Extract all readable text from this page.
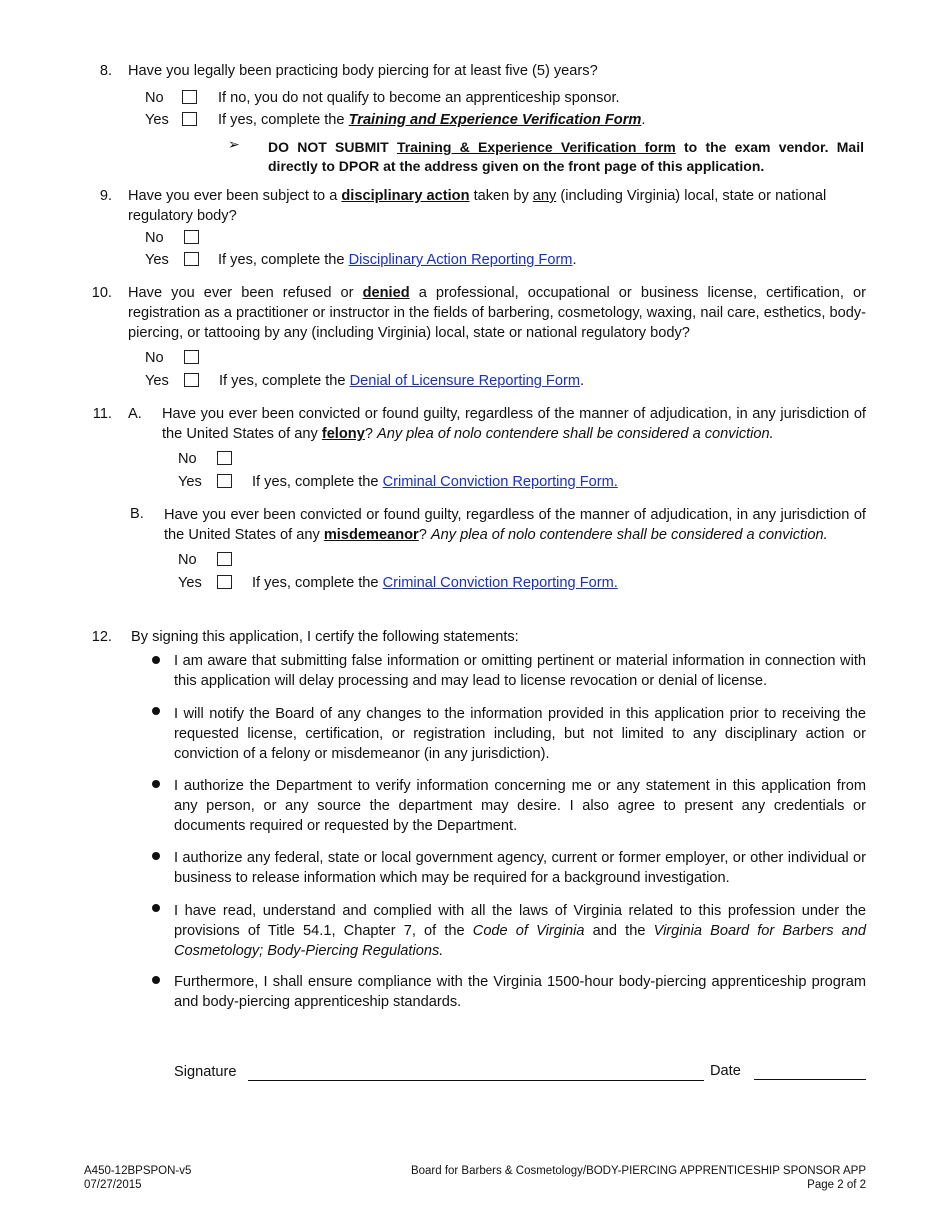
8. Have you legally been practicing body piercing for at least five (5) years?
No	If no, you do not qualify to become an apprenticeship sponsor.
Yes	If yes, complete the Training and Experience Verification Form.
➢ DO NOT SUBMIT Training & Experience Verification form to the exam vendor. Mail directly to DPOR at the address given on the front page of this application.
9. Have you ever been subject to a disciplinary action taken by any (including Virginia) local, state or national regulatory body?
No
Yes	If yes, complete the Disciplinary Action Reporting Form.
10. Have you ever been refused or denied a professional, occupational or business license, certification, or registration as a practitioner or instructor in the fields of barbering, cosmetology, waxing, nail care, esthetics, body-piercing, or tattooing by any (including Virginia) local, state or national regulatory body?
No
Yes	If yes, complete the Denial of Licensure Reporting Form.
11. A. Have you ever been convicted or found guilty, regardless of the manner of adjudication, in any jurisdiction of the United States of any felony? Any plea of nolo contendere shall be considered a conviction.
No
Yes	If yes, complete the Criminal Conviction Reporting Form.
B. Have you ever been convicted or found guilty, regardless of the manner of adjudication, in any jurisdiction of the United States of any misdemeanor? Any plea of nolo contendere shall be considered a conviction.
No
Yes	If yes, complete the Criminal Conviction Reporting Form.
12. By signing this application, I certify the following statements:
I am aware that submitting false information or omitting pertinent or material information in connection with this application will delay processing and may lead to license revocation or denial of license.
I will notify the Board of any changes to the information provided in this application prior to receiving the requested license, certification, or registration including, but not limited to any disciplinary action or conviction of a felony or misdemeanor (in any jurisdiction).
I authorize the Department to verify information concerning me or any statement in this application from any person, or any source the department may desire. I also agree to present any credentials or documents required or requested by the Department.
I authorize any federal, state or local government agency, current or former employer, or other individual or business to release information which may be required for a background investigation.
I have read, understand and complied with all the laws of Virginia related to this profession under the provisions of Title 54.1, Chapter 7, of the Code of Virginia and the Virginia Board for Barbers and Cosmetology; Body-Piercing Regulations.
Furthermore, I shall ensure compliance with the Virginia 1500-hour body-piercing apprenticeship program and body-piercing apprenticeship standards.
Signature	Date
A450-12BPSPON-v5
07/27/2015
Board for Barbers & Cosmetology/BODY-PIERCING APPRENTICESHIP SPONSOR APP
Page 2 of 2
